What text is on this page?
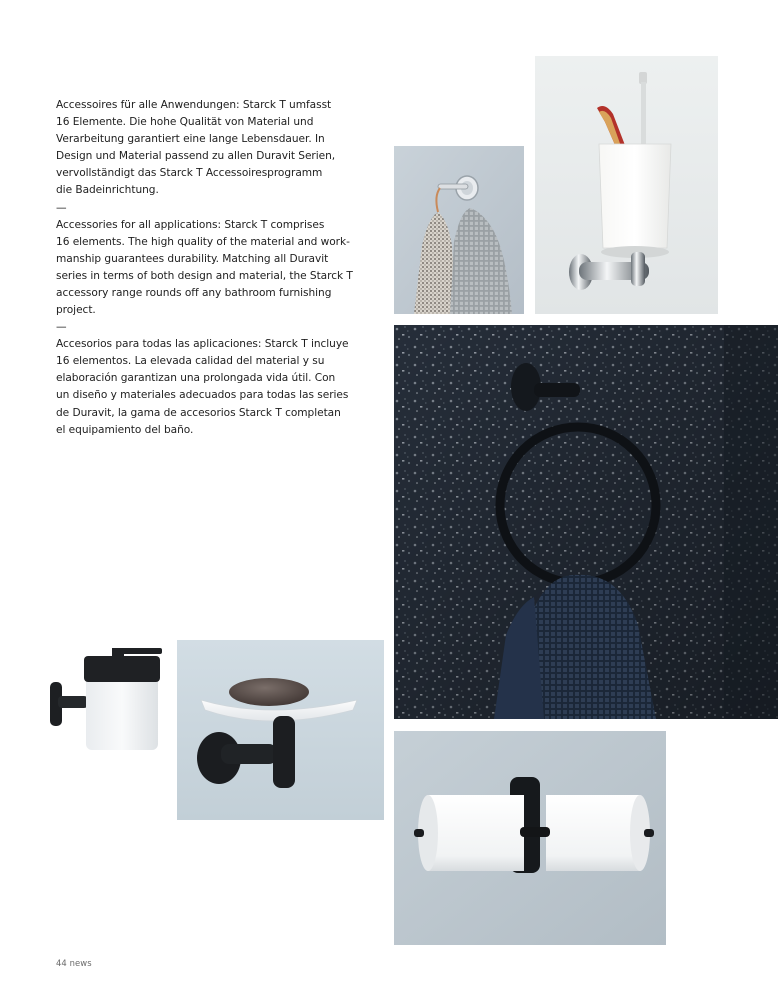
Accessoires für alle Anwendungen: Starck T umfasst
16 Elemente. Die hohe Qualität von Material und
Verarbeitung garantiert eine lange Lebensdauer. In
Design und Material passend zu allen Duravit Serien,
vervollständigt das Starck T Accessoiresprogramm
die Badeinrichtung.

—

Accessories for all applications: Starck T comprises
16 elements. The high quality of the material and work-
manship guarantees durability. Matching all Duravit
series in terms of both design and material, the Starck T
accessory range rounds off any bathroom furnishing
project.

—

Accesorios para todas las aplicaciones: Starck T incluye
16 elementos. La elevada calidad del material y su
elaboración garantizan una prolongada vida útil. Con
un diseño y materiales adecuados para todas las series
de Duravit, la gama de accesorios Starck T completan
el equipamiento del baño.

44 news
